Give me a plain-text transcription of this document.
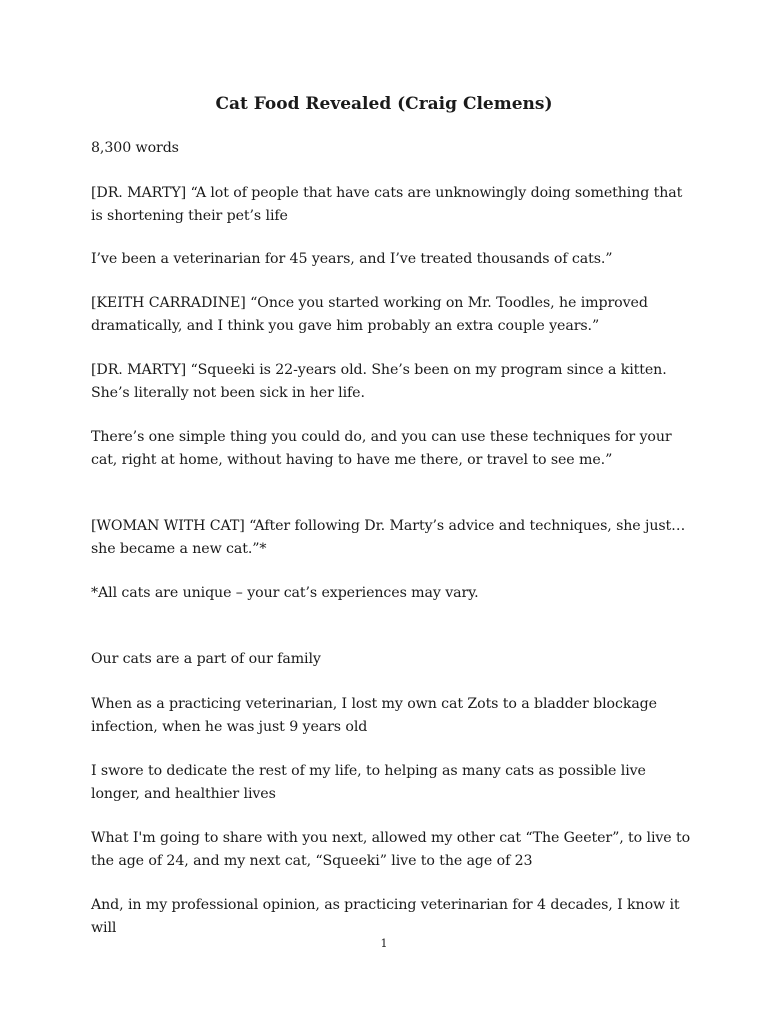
Cat Food Revealed (Craig Clemens)

8,300 words

[DR. MARTY] “A lot of people that have cats are unknowingly doing something that is shortening their pet’s life

I’ve been a veterinarian for 45 years, and I’ve treated thousands of cats.”

[KEITH CARRADINE] “Once you started working on Mr. Toodles, he improved dramatically, and I think you gave him probably an extra couple years.”

[DR. MARTY] “Squeeki is 22-years old. She’s been on my program since a kitten. She’s literally not been sick in her life.

There’s one simple thing you could do, and you can use these techniques for your cat, right at home, without having to have me there, or travel to see me.”

[WOMAN WITH CAT] “After following Dr. Marty’s advice and techniques, she just…she became a new cat.”*

*All cats are unique – your cat’s experiences may vary.

Our cats are a part of our family

When as a practicing veterinarian, I lost my own cat Zots to a bladder blockage infection, when he was just 9 years old

I swore to dedicate the rest of my life, to helping as many cats as possible live longer, and healthier lives

What I'm going to share with you next, allowed my other cat “The Geeter”, to live to the age of 24, and my next cat, “Squeeki” live to the age of 23

And, in my professional opinion, as practicing veterinarian for 4 decades, I know it will

1
